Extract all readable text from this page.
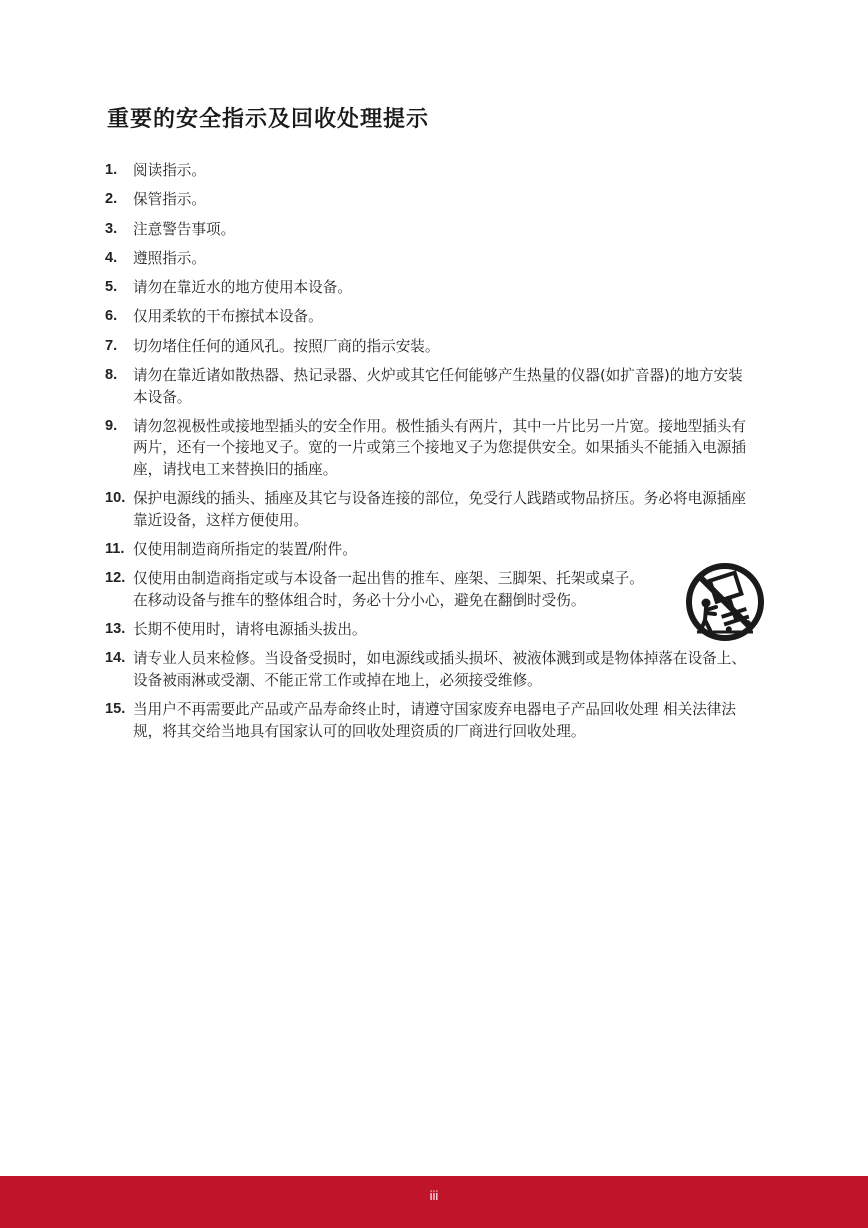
重要的安全指示及回收处理提示
1. 阅读指示。
2. 保管指示。
3. 注意警告事项。
4. 遵照指示。
5. 请勿在靠近水的地方使用本设备。
6. 仅用柔软的干布擦拭本设备。
7. 切勿堵住任何的通风孔。按照厂商的指示安装。
8. 请勿在靠近诸如散热器、热记录器、火炉或其它任何能够产生热量的仪器(如扩音器)的地方安装本设备。
9. 请勿忽视极性或接地型插头的安全作用。极性插头有两片，其中一片比另一片宽。接地型插头有两片，还有一个接地叉子。宽的一片或第三个接地叉子为您提供安全。如果插头不能插入电源插座，请找电工来替换旧的插座。
10. 保护电源线的插头、插座及其它与设备连接的部位，免受行人践踏或物品挤压。务必将电源插座靠近设备，这样方便使用。
11. 仅使用制造商所指定的装置/附件。
12. 仅使用由制造商指定或与本设备一起出售的推车、座架、三脚架、托架或桌子。在移动设备与推车的整体组合时，务必十分小心，避免在翻倒时受伤。
13. 长期不使用时，请将电源插头拔出。
14. 请专业人员来检修。当设备受损时，如电源线或插头损坏、被液体溅到或是物体掉落在设备上、设备被雨淋或受潮、不能正常工作或掉在地上，必须接受维修。
15. 当用户不再需要此产品或产品寿命终止时，请遵守国家废弃电器电子产品回收处理 相关法律法规，将其交给当地具有国家认可的回收处理资质的厂商进行回收处理。
iii
